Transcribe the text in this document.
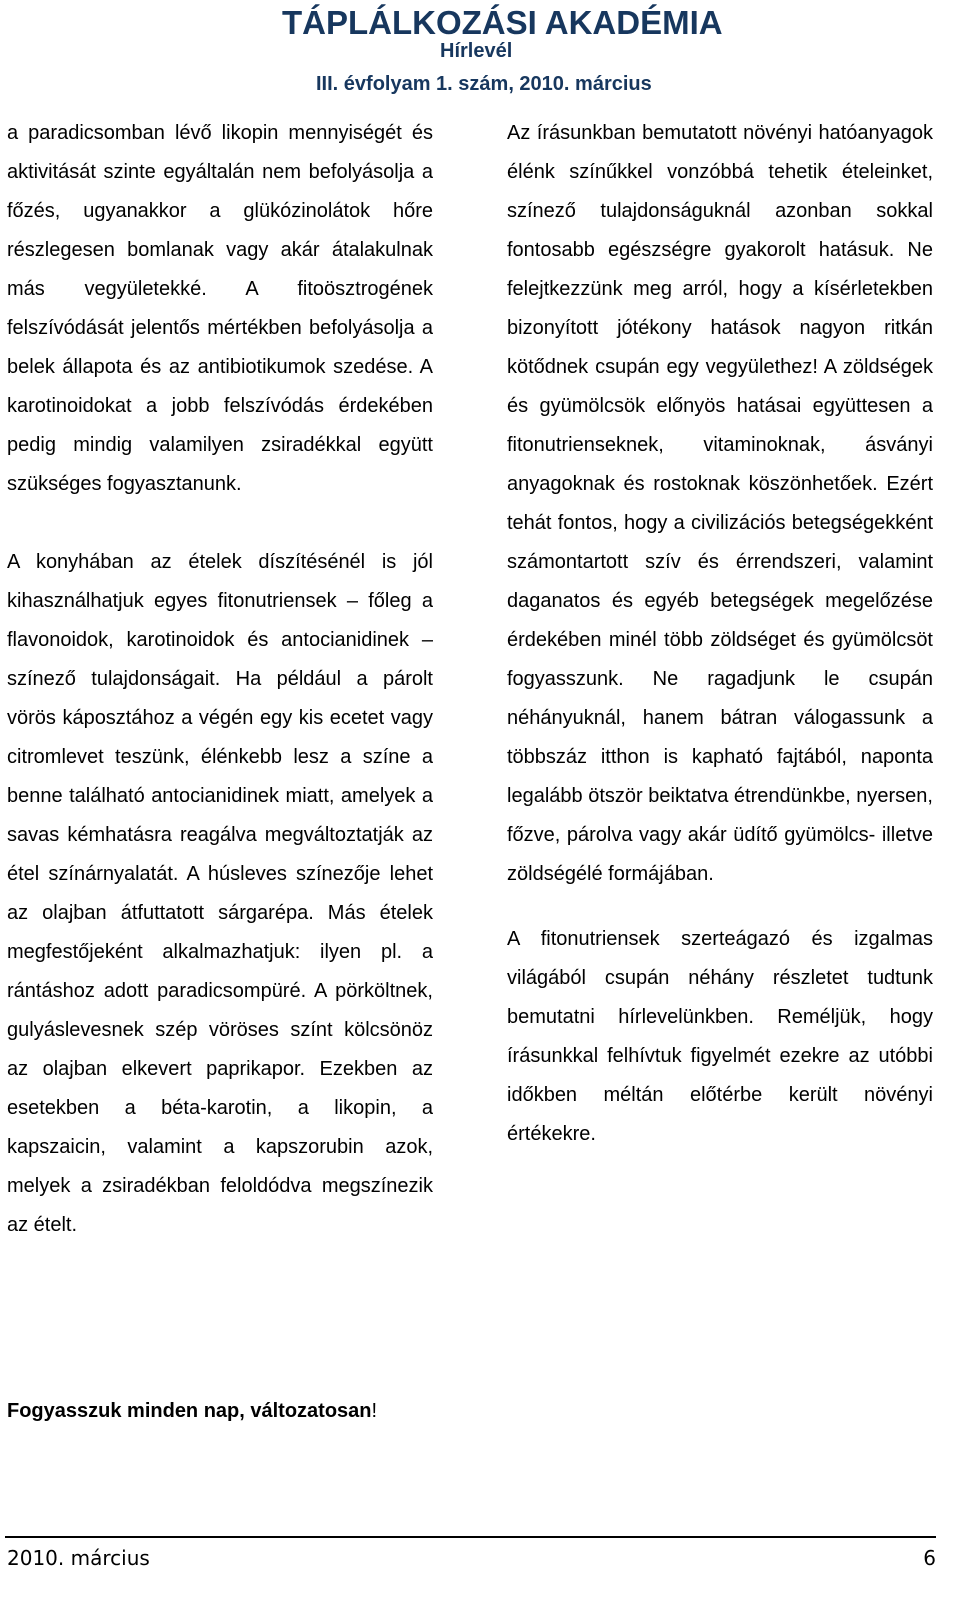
TÁPLÁLKOZÁSI AKADÉMIA
Hírlevél
III. évfolyam 1. szám, 2010. március

a paradicsomban lévő likopin mennyiségét és aktivitását szinte egyáltalán nem befolyásolja a főzés, ugyanakkor a glükózinolátok hőre részlegesen bomlanak vagy akár átalakulnak más vegyületekké. A fitoösztrogének felszívódását jelentős mértékben befolyásolja a belek állapota és az antibiotikumok szedése. A karotinoidokat a jobb felszívódás érdekében pedig mindig valamilyen zsiradékkal együtt szükséges fogyasztanunk.

A konyhában az ételek díszítésénél is jól kihasználhatjuk egyes fitonutriensek – főleg a flavonoidok, karotinoidok és antocianidinek – színező tulajdonságait. Ha például a párolt vörös káposztához a végén egy kis ecetet vagy citromlevet teszünk, élénkebb lesz a színe a benne található antocianidinek miatt, amelyek a savas kémhatásra reagálva megváltoztatják az étel színárnyalatát. A húsleves színezője lehet az olajban átfuttatott sárgarépa. Más ételek megfestőjeként alkalmazhatjuk: ilyen pl. a rántáshoz adott paradicsompüré. A pörköltnek, gulyáslevesnek szép vöröses színt kölcsönöz az olajban elkevert paprikapor. Ezekben az esetekben a béta-karotin, a likopin, a kapszaicin, valamint a kapszorubin azok, melyek a zsiradékban feloldódva megszínezik az ételt.

Az írásunkban bemutatott növényi hatóanyagok élénk színűkkel vonzóbbá tehetik ételeinket, színező tulajdonságuknál azonban sokkal fontosabb egészségre gyakorolt hatásuk. Ne felejtkezzünk meg arról, hogy a kísérletekben bizonyított jótékony hatások nagyon ritkán kötődnek csupán egy vegyülethez! A zöldségek és gyümölcsök előnyös hatásai együttesen a fitonutrienseknek, vitaminoknak, ásványi anyagoknak és rostoknak köszönhetőek. Ezért tehát fontos, hogy a civilizációs betegségekként számontartott szív és érrendszeri, valamint daganatos és egyéb betegségek megelőzése érdekében minél több zöldséget és gyümölcsöt fogyasszunk. Ne ragadjunk le csupán néhányuknál, hanem bátran válogassunk a többszáz itthon is kapható fajtából, naponta legalább ötször beiktatva étrendünkbe, nyersen, főzve, párolva vagy akár üdítő gyümölcs- illetve zöldségélé formájában.

A fitonutriensek szerteágazó és izgalmas világából csupán néhány részletet tudtunk bemutatni hírlevelünkben. Reméljük, hogy írásunkkal felhívtuk figyelmét ezekre az utóbbi időkben méltán előtérbe került növényi értékekre.

Fogyasszuk minden nap, változatosan!
2010. március	6
